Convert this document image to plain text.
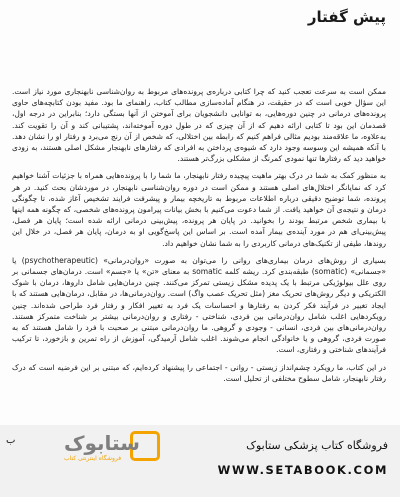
پیش گفتار

ممکن است به سرعت تعجب کنید که چرا کتابی درباره‌ی پرونده‌های مربوط به روان‌شناسی نابهنجاری مورد نیاز است. این سؤال خوبی است که در حقیقت، در هنگام آماده‌سازی مطالب کتاب، راهنمای ما بود. مفید بودن کتابچه‌های حاوی پرونده‌های درمانی در چنین دوره‌هایی، به توانایی دانشجویان برای آموختن از آنها بستگی دارد؛ بنابراین در درجه اول، قصدمان این بود تا کتابی ارائه دهیم که از آن چیزی که در طول دوره آموخته‌اند، پشتیبانی کند و آن را تقویت کند. به‌علاوه، ما علاقه‌مند بودیم مثالی فراهم کنیم که رابطه بین اختلالی، که شخص از آن رنج می‌برد و رفتار او را نشان دهد. با آنکه همیشه این وسوسه وجود دارد که شیوه‌ی پرداختن به افرادی که رفتارهای نابهنجار مشکل اصلی هستند، به زودی خواهید دید که رفتارها تنها نمودی کمرنگ از مشکلی بزرگ‌تر هستند.

به منظور کمک به شما در درک بهتر ماهیت پیچیده رفتار نابهنجار، ما شما را با پرونده‌هایی همراه با جزئیات آشنا خواهیم کرد که نمایانگر اختلال‌های اصلی هستند و ممکن است در دوره روان‌شناسی نابهنجار، در موردشان بحث کنید. در هر پرونده، شما توضیح دقیقی درباره اطلاعات مربوط به تاریخچه بیمار و پیشرفت فرایند تشخیص آغاز شده، تا چگونگی درمان و نتیجه‌ی آن خواهید یافت. از شما دعوت می‌کنیم با بخش بیانات پیرامون پرونده‌های شخصی، که چگونه همه اینها با بیماری شخص مرتبط بودند را بخوانید. در پایان هر پرونده، پیش‌بینی درمانی ارائه شده است؛ پایان هر فصل، پیش‌بینی‌ای هم در مورد آینده‌ی بیمار آمده است. بر اساس این پاسخ‌گویی او به درمان، پایان هر فصل، در خلال این روندها، طیفی از تکنیک‌های درمانی کاربردی را به شما نشان خواهیم داد.

بسیاری از روش‌های درمان بیماری‌های روانی را می‌توان به صورت «روان‌درمانی» (psychotherapeutic) یا «جسمانی» (somatic) طبقه‌بندی کرد. ریشه کلمه somatic به معنای «تن» یا «جسم» است. درمان‌های جسمانی بر روی علل بیولوژیکی مرتبط با یک پدیده مشکل زیستی تمرکز می‌کنند. چنین درمان‌هایی شامل داروها، درمان با شوک الکتریکی و دیگر روش‌های تحریک مغز (مثل تحریک عصب واگ) است. روان‌درمانی‌ها، در مقابل، درمان‌هایی هستند که با ایجاد تغییر در فرآیند فکر کردن به رفتارها و احساسات یک فرد به تغییر افکار و رفتار فرد طراحی شده‌اند. چنین رویکردهایی اغلب شامل روان‌درمانی بین فردی، شناختی - رفتاری و روان‌درمانی بیشتر بر شناخت متمرکز هستند. روان‌درمانی‌های بین فردی، انسانی - وجودی و گروهی. ما روان‌درمانی مبتنی بر صحبت با فرد را شامل هستند که به صورت فردی، گروهی و یا خانوادگی انجام می‌شوند. اغلب شامل آرمیدگی، آموزش از راه تمرین و بازخورد، تا ترکیب فرآیندهای شناختی و رفتاری، است.

در این کتاب، ما رویکرد چشم‌انداز زیستی - روانی - اجتماعی را پیشنهاد کرده‌ایم، که مبتنی بر این فرضیه است که درک رفتار نابهنجار، شامل سطوح مختلفی از تحلیل است.

ب ستابوک
فروشگاه اینترنتی کتاب
فروشگاه کتاب پزشکی ستابوک
WWW.SETABOOK.COM
